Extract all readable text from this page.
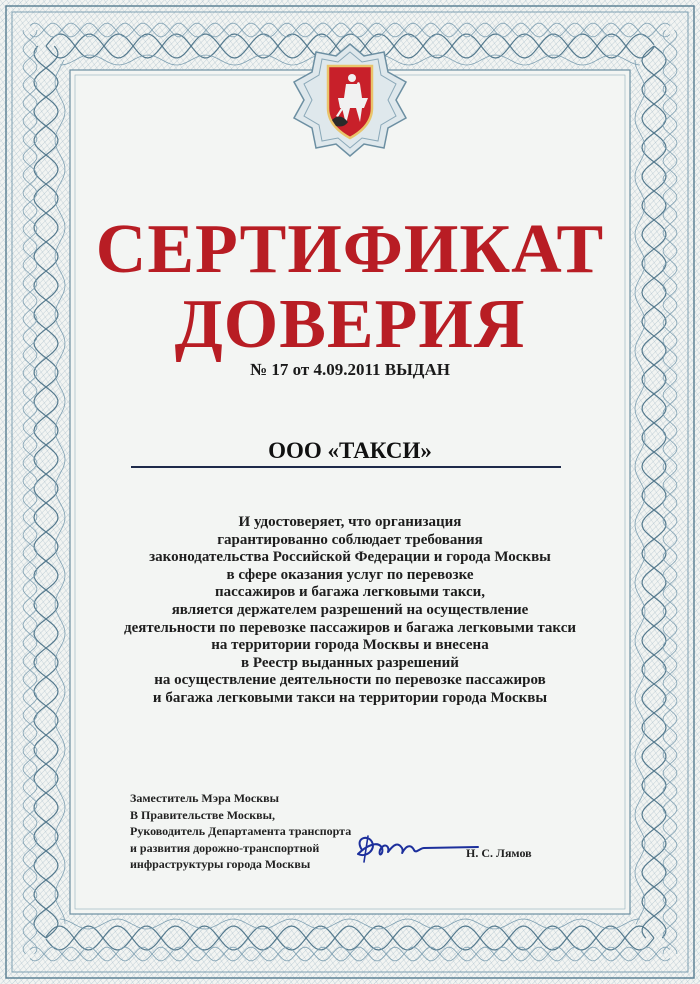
СЕРТИФИКАТ
ДОВЕРИЯ
№ 17 от 4.09.2011 ВЫДАН
ООО «ТАКСИ»
И удостоверяет, что организация
гарантированно соблюдает требования
законодательства Российской Федерации и города Москвы
в сфере оказания услуг по перевозке
пассажиров и багажа легковыми такси,
является держателем разрешений на осуществление
деятельности по перевозке пассажиров и багажа легковыми такси
на территории города Москвы и внесена
в Реестр выданных разрешений
на осуществление деятельности по перевозке пассажиров
и багажа легковыми такси на территории города Москвы
Заместитель Мэра Москвы
В Правительстве Москвы,
Руководитель Департамента транспорта
и развития дорожно-транспортной
инфраструктуры города Москвы
Н. С. Лямов
